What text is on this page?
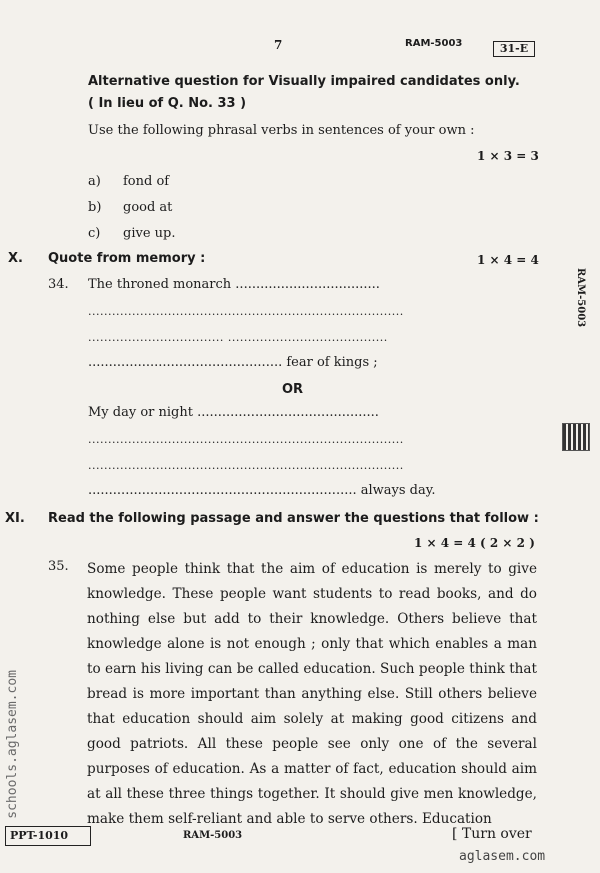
7	RAM-5003	31-E
Alternative question for Visually impaired candidates only.
( In lieu of Q. No. 33 )
Use the following phrasal verbs in sentences of your own :
1 × 3 = 3
a) fond of
b) good at
c) give up.
X. Quote from memory :	1 × 4 = 4
34. The throned monarch ...................................
...............................................................................
.................................. ........................................
............................................... fear of kings ;
OR
My day or night ............................................
...............................................................................
...............................................................................
................................................................. always day.
XI. Read the following passage and answer the questions that follow :
1 × 4 = 4 ( 2 × 2 )
35. Some people think that the aim of education is merely to give knowledge. These people want students to read books, and do nothing else but add to their knowledge. Others believe that knowledge alone is not enough ; only that which enables a man to earn his living can be called education. Such people think that bread is more important than anything else. Still others believe that education should aim solely at making good citizens and good patriots. All these people see only one of the several purposes of education. As a matter of fact, education should aim at all these three things together. It should give men knowledge, make them self-reliant and able to serve others. Education
RAM-5003
PPT-1010	RAM-5003	[ Turn over
schools.aglasem.com
aglasem.com
